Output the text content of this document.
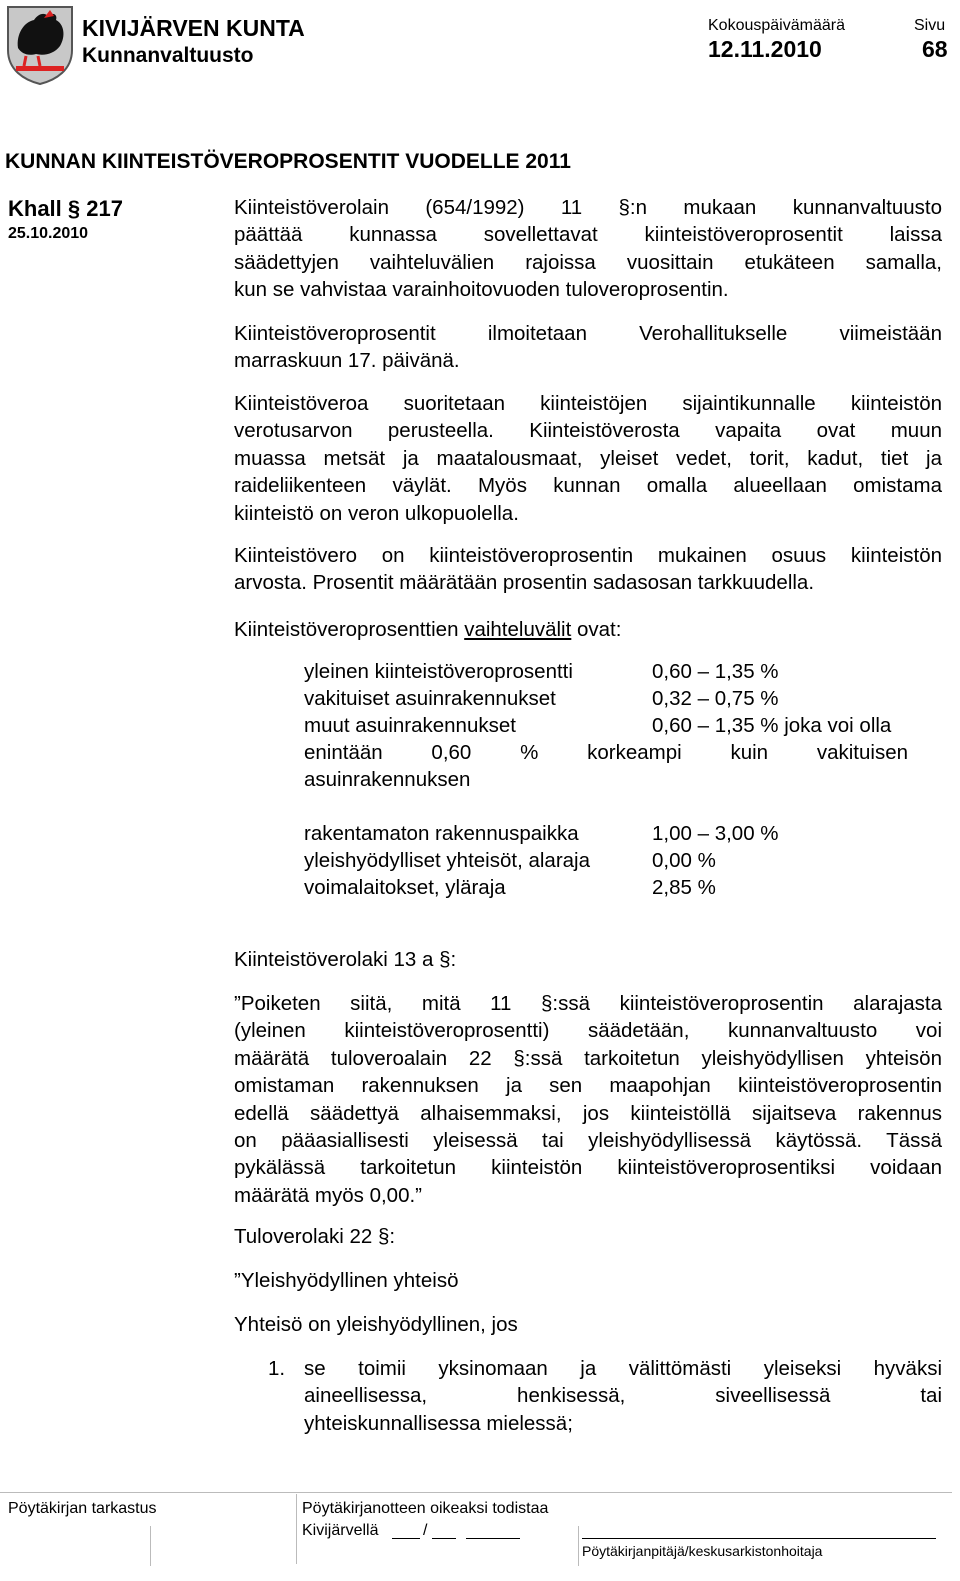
KIVIJÄRVEN KUNTA
Kunnanvaltuusto
Kokouspäivämäärä
12.11.2010
Sivu
68
KUNNAN KIINTEISTÖVEROPROSENTIT VUODELLE 2011
Khall § 217
25.10.2010
Kiinteistöverolain (654/1992) 11 §:n mukaan kunnanvaltuusto
päättää kunnassa sovellettavat kiinteistöveroprosentit laissa
säädettyjen vaihteluvälien rajoissa vuosittain etukäteen samalla,
kun se vahvistaa varainhoitovuoden tuloveroprosentin.
Kiinteistöveroprosentit ilmoitetaan Verohallitukselle viimeistään
marraskuun 17. päivänä.
Kiinteistöveroa suoritetaan kiinteistöjen sijaintikunnalle kiinteistön
verotusarvon perusteella. Kiinteistöverosta vapaita ovat muun
muassa metsät ja maatalousmaat, yleiset vedet, torit, kadut, tiet ja
raideliikenteen väylät. Myös kunnan omalla alueellaan omistama
kiinteistö on veron ulkopuolella.
Kiinteistövero on kiinteistöveroprosentin mukainen osuus kiinteistön
arvosta. Prosentit määrätään prosentin sadasosan tarkkuudella.
Kiinteistöveroprosenttien vaihteluvälit ovat:
yleinen kiinteistöveroprosentti	0,60 – 1,35 %
vakituiset asuinrakennukset	0,32 – 0,75 %
muut asuinrakennukset	0,60 – 1,35 % joka voi olla
enintään 0,60 % korkeampi kuin vakituisen
asuinrakennuksen
rakentamaton rakennuspaikka	1,00 – 3,00 %
yleishyödylliset yhteisöt, alaraja	0,00 %
voimalaitokset, yläraja	2,85 %
Kiinteistöverolaki 13 a §:
”Poiketen siitä, mitä 11 §:ssä kiinteistöveroprosentin alarajasta
(yleinen kiinteistöveroprosentti) säädetään, kunnanvaltuusto voi
määrätä tuloveroalain 22 §:ssä tarkoitetun yleishyödyllisen yhteisön
omistaman rakennuksen ja sen maapohjan kiinteistöveroprosentin
edellä säädettyä alhaisemmaksi, jos kiinteistöllä sijaitseva rakennus
on pääasiallisesti yleisessä tai yleishyödyllisessä käytössä. Tässä
pykälässä tarkoitetun kiinteistön kiinteistöveroprosentiksi voidaan
määrätä myös 0,00.”
Tuloverolaki 22 §:
”Yleishyödyllinen yhteisö
Yhteisö on yleishyödyllinen, jos
1. se toimii yksinomaan ja välittömästi yleiseksi hyväksi
aineellisessa, henkisessä, siveellisessä tai
yhteiskunnallisessa mielessä;
Pöytäkirjan tarkastus	Pöytäkirjanotteen oikeaksi todistaa
Kivijärvellä	/
Pöytäkirjanpitäjä/keskusarkistonhoitaja
